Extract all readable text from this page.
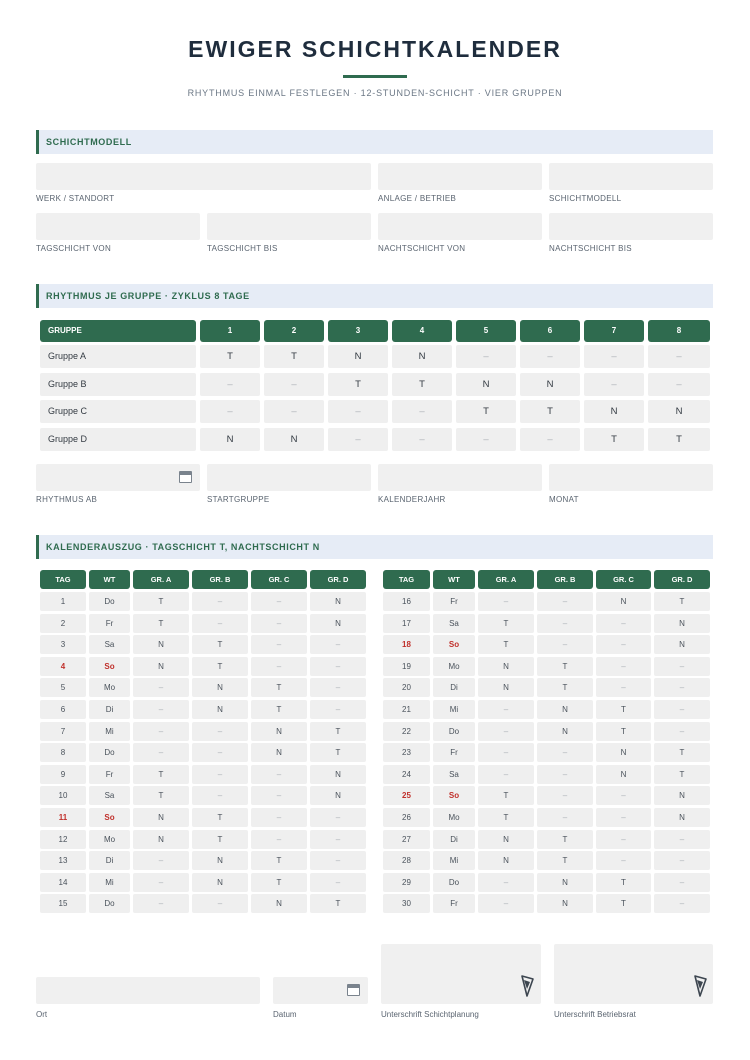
EWIGER SCHICHTKALENDER
RHYTHMUS EINMAL FESTLEGEN · 12-STUNDEN-SCHICHT · VIER GRUPPEN
SCHICHTMODELL
WERK / STANDORT	ANLAGE / BETRIEB	SCHICHTMODELL
TAGSCHICHT VON	TAGSCHICHT BIS	NACHTSCHICHT VON	NACHTSCHICHT BIS
RHYTHMUS JE GRUPPE · ZYKLUS 8 TAGE
GRUPPE	1	2	3	4	5	6	7	8
Gruppe A	T	T	N	N	–	–	–	–
Gruppe B	–	–	T	T	N	N	–	–
Gruppe C	–	–	–	–	T	T	N	N
Gruppe D	N	N	–	–	–	–	T	T
RHYTHMUS AB	STARTGRUPPE	KALENDERJAHR	MONAT
KALENDERAUSZUG · TAGSCHICHT T, NACHTSCHICHT N
TAG	WT	GR. A	GR. B	GR. C	GR. D
1	Do	T	–	–	N
2	Fr	T	–	–	N
3	Sa	N	T	–	–
4	So	N	T	–	–
5	Mo	–	N	T	–
6	Di	–	N	T	–
7	Mi	–	–	N	T
8	Do	–	–	N	T
9	Fr	T	–	–	N
10	Sa	T	–	–	N
11	So	N	T	–	–
12	Mo	N	T	–	–
13	Di	–	N	T	–
14	Mi	–	N	T	–
15	Do	–	–	N	T
TAG	WT	GR. A	GR. B	GR. C	GR. D
16	Fr	–	–	N	T
17	Sa	T	–	–	N
18	So	T	–	–	N
19	Mo	N	T	–	–
20	Di	N	T	–	–
21	Mi	–	N	T	–
22	Do	–	N	T	–
23	Fr	–	–	N	T
24	Sa	–	–	N	T
25	So	T	–	–	N
26	Mo	T	–	–	N
27	Di	N	T	–	–
28	Mi	N	T	–	–
29	Do	–	N	T	–
30	Fr	–	N	T	–
Ort	Datum	Unterschrift Schichtplanung	Unterschrift Betriebsrat
